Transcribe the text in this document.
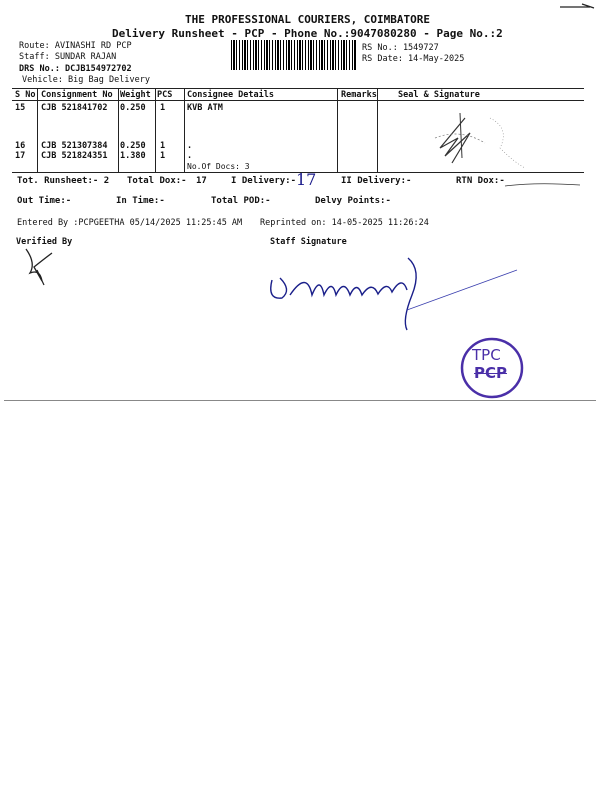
THE PROFESSIONAL COURIERS, COIMBATORE
Delivery Runsheet - PCP - Phone No.:9047080280 - Page No.:2
Route: AVINASHI RD PCP
Staff: SUNDAR RAJAN
DRS No.: DCJB154972702
Vehicle: Big Bag Delivery
RS No.: 1549727
RS Date: 14-May-2025
S No Consignment No Weight PCS Consignee Details	Remarks Seal & Signature
15 CJB 521841702 0.250 1	KVB ATM
16 CJB 521307384 0.250 1	.
17 CJB 521824351 1.380 1	.
No.Of Docs: 3
Tot. Runsheet:- 2 Total Dox:- 17	I Delivery:- 17	II Delivery:-	RTN Dox:-
Out Time:-	In Time:-	Total POD:-	Delvy Points:-
Entered By :PCPGEETHA 05/14/2025 11:25:45 AM Reprinted on: 14-05-2025 11:26:24
Verified By	Staff Signature
TPC
PCP
